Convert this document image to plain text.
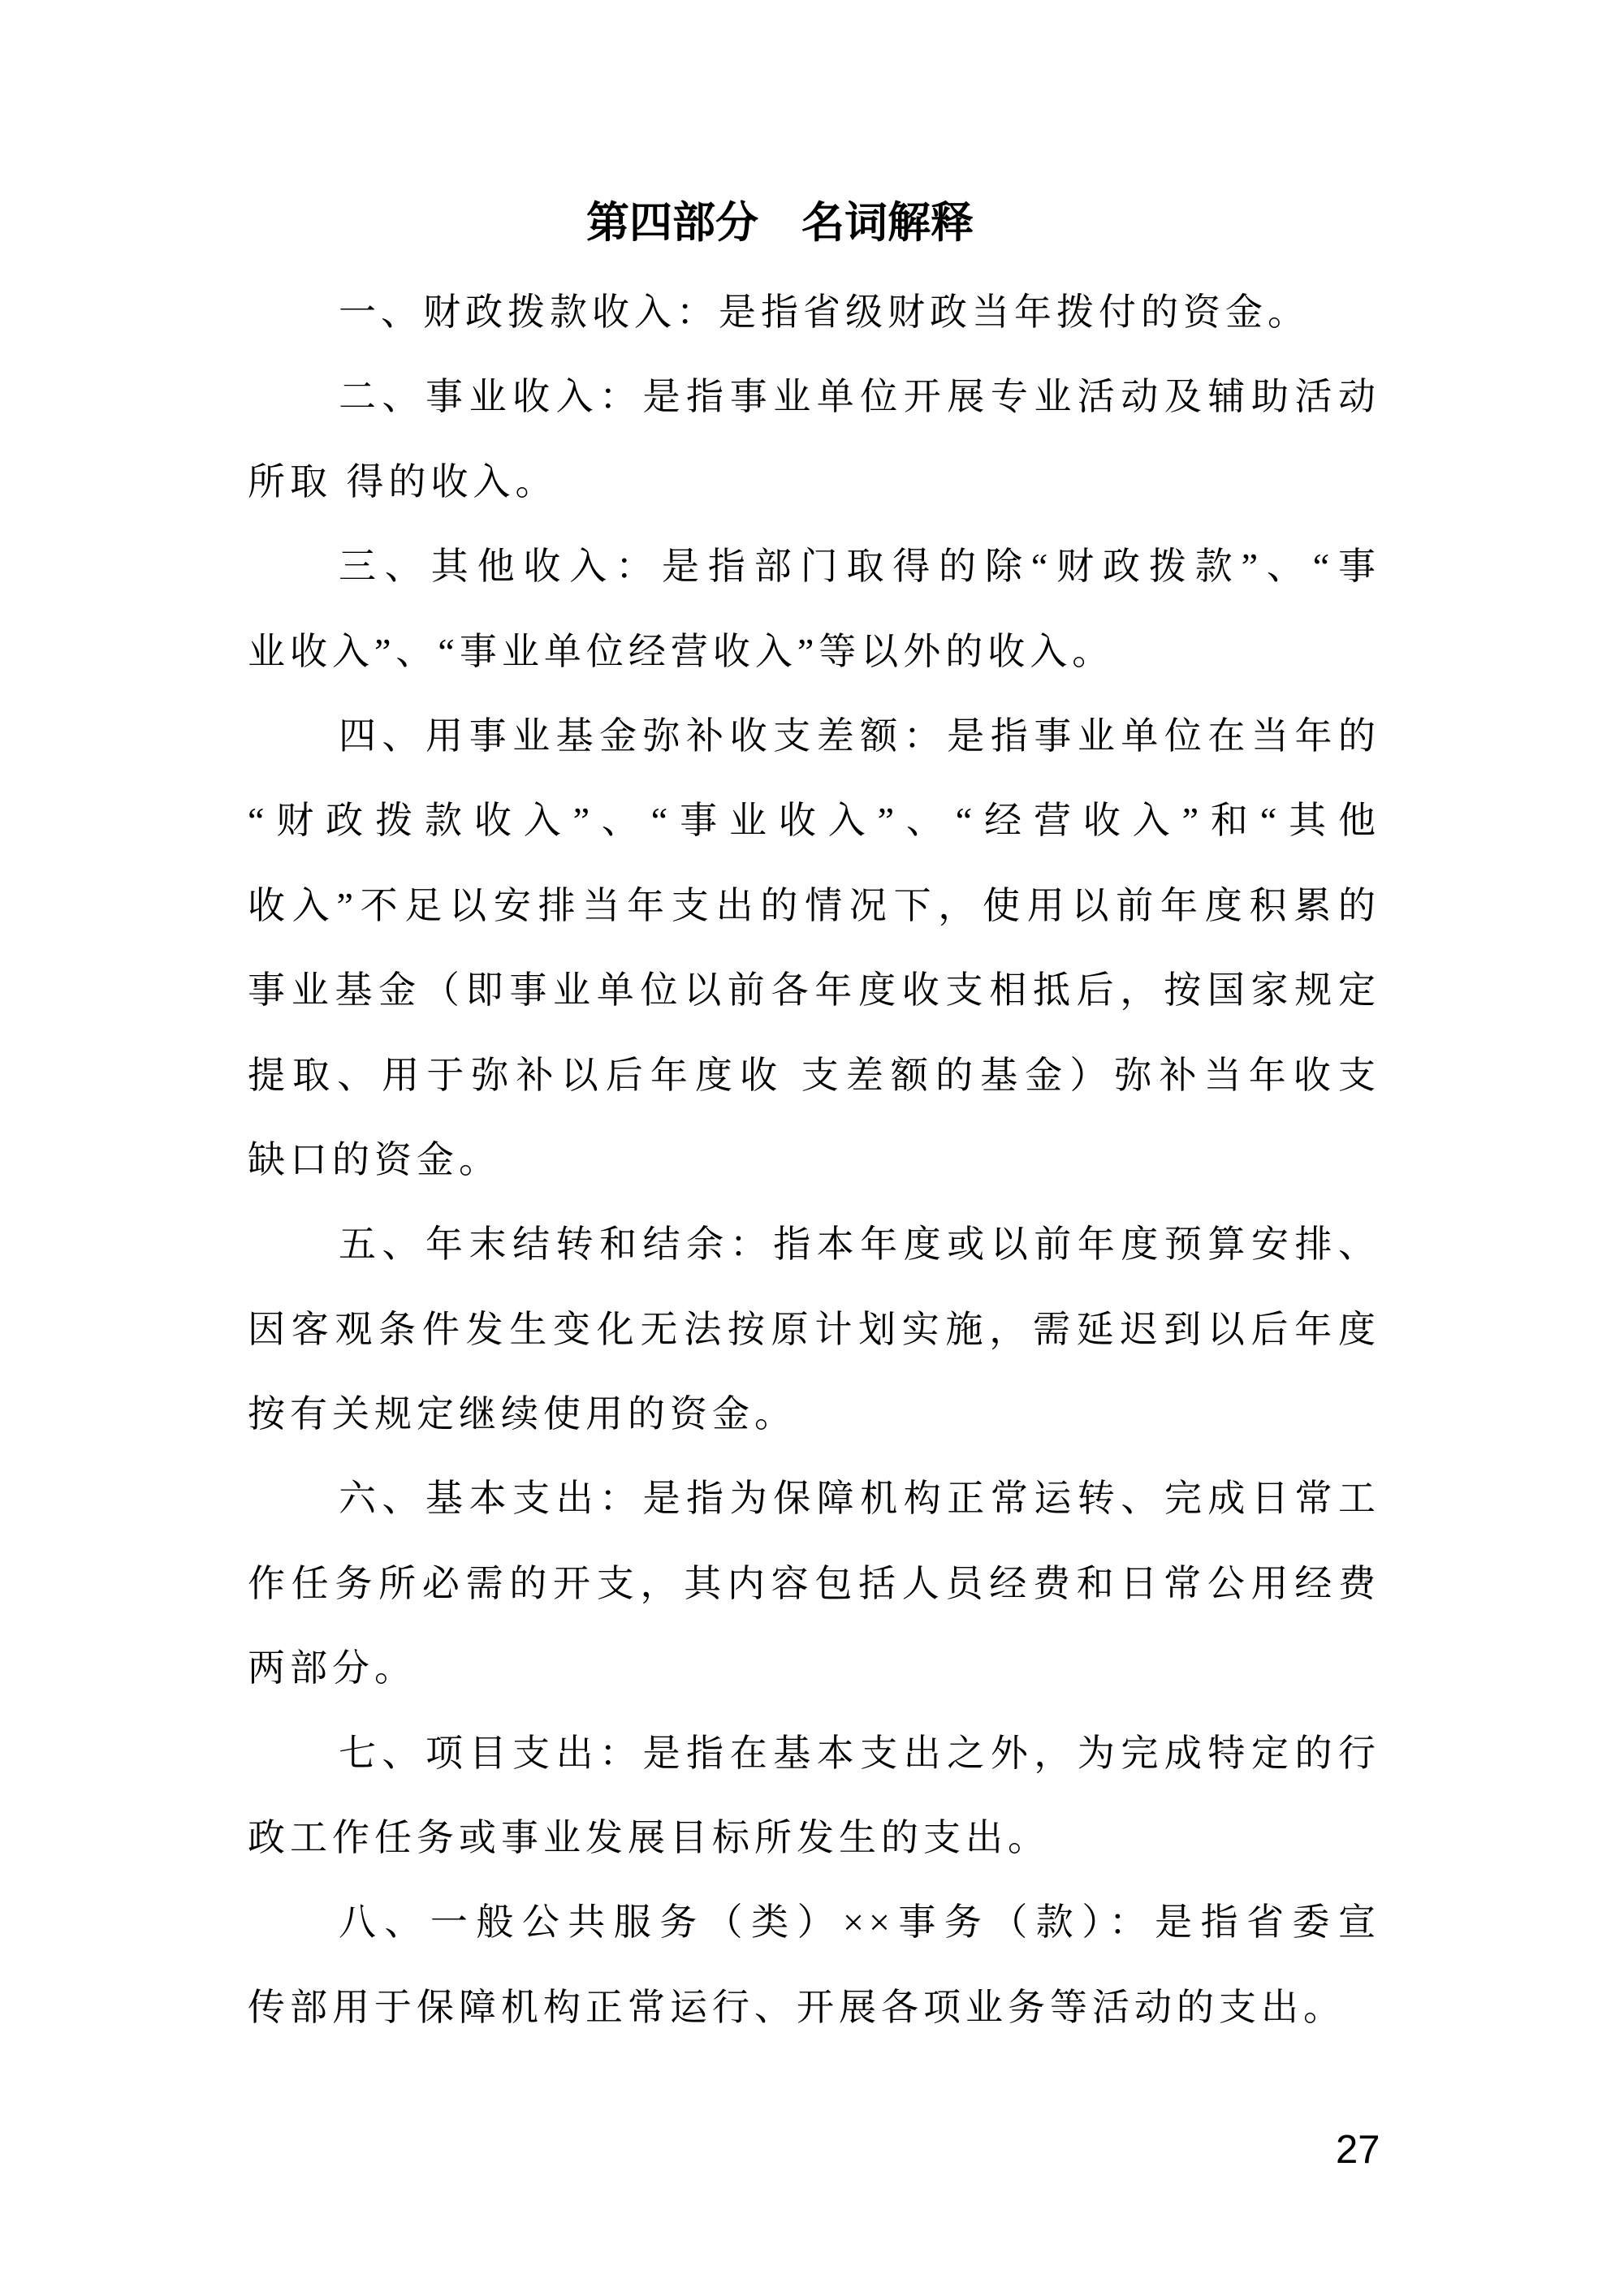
第四部分　名词解释
一、财政拨款收入：是指省级财政当年拨付的资金。
二、事业收入：是指事业单位开展专业活动及辅助活动
所取 得的收入。
三、其他收入：是指部门取得的除“财政拨款”、“事
业收入”、“事业单位经营收入”等以外的收入。
四、用事业基金弥补收支差额：是指事业单位在当年的
“财政拨款收入”、“事业收入”、“经营收入”和“其他
收入”不足以安排当年支出的情况下，使用以前年度积累的
事业基金（即事业单位以前各年度收支相抵后，按国家规定
提取、用于弥补以后年度收 支差额的基金）弥补当年收支
缺口的资金。
五、年末结转和结余：指本年度或以前年度预算安排、
因客观条件发生变化无法按原计划实施，需延迟到以后年度
按有关规定继续使用的资金。
六、基本支出：是指为保障机构正常运转、完成日常工
作任务所必需的开支，其内容包括人员经费和日常公用经费
两部分。
七、项目支出：是指在基本支出之外，为完成特定的行
政工作任务或事业发展目标所发生的支出。
八、一般公共服务（类）××事务（款）：是指省委宣
传部用于保障机构正常运行、开展各项业务等活动的支出。
27
